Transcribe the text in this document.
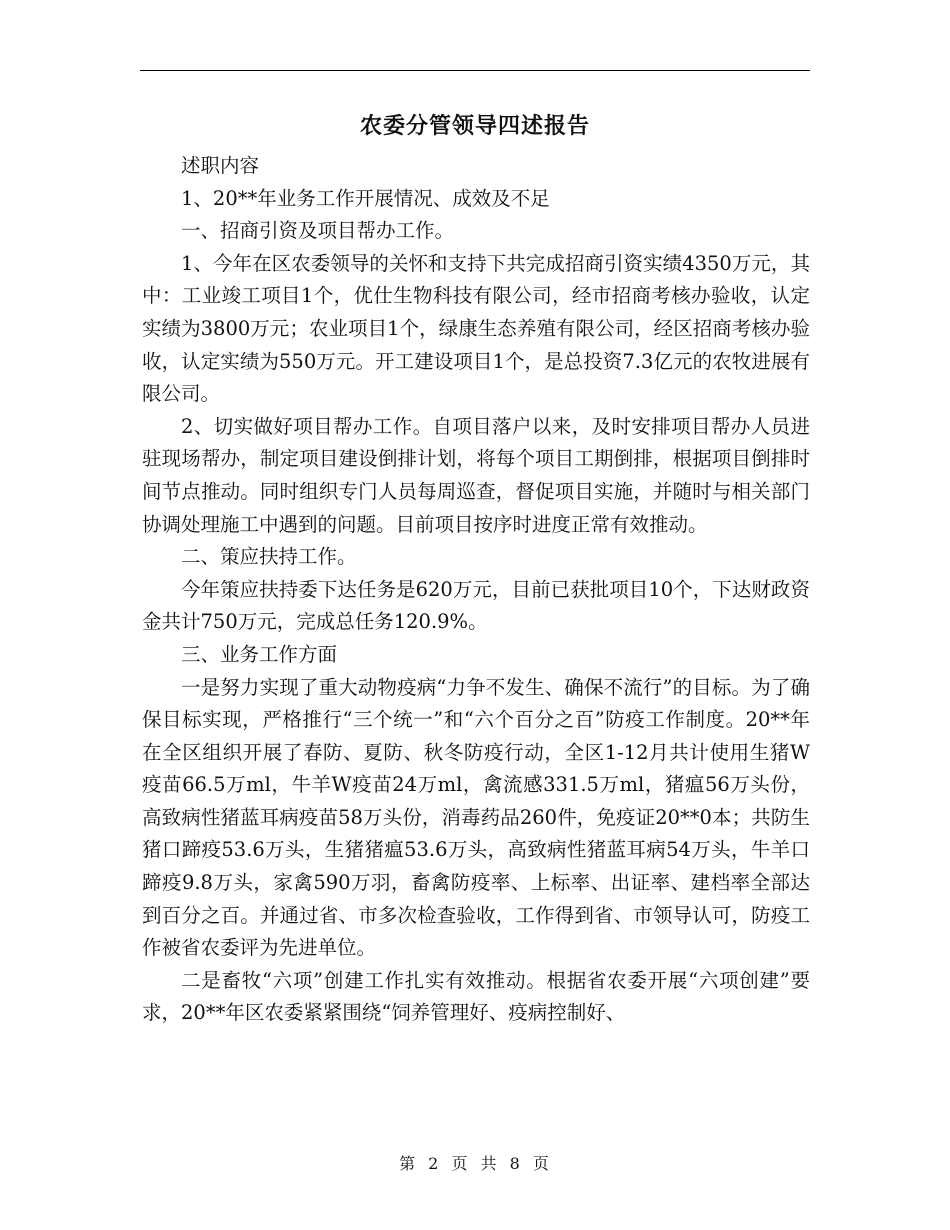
农委分管领导四述报告

述职内容

1、20**年业务工作开展情况、成效及不足

一、招商引资及项目帮办工作。

1、今年在区农委领导的关怀和支持下共完成招商引资实绩4350万元，其中：工业竣工项目1个，优仕生物科技有限公司，经市招商考核办验收，认定实绩为3800万元；农业项目1个，绿康生态养殖有限公司，经区招商考核办验收，认定实绩为550万元。开工建设项目1个，是总投资7.3亿元的农牧进展有限公司。

2、切实做好项目帮办工作。自项目落户以来，及时安排项目帮办人员进驻现场帮办，制定项目建设倒排计划，将每个项目工期倒排，根据项目倒排时间节点推动。同时组织专门人员每周巡查，督促项目实施，并随时与相关部门协调处理施工中遇到的问题。目前项目按序时进度正常有效推动。

二、策应扶持工作。

今年策应扶持委下达任务是620万元，目前已获批项目10个，下达财政资金共计750万元，完成总任务120.9%。

三、业务工作方面

一是努力实现了重大动物疫病“力争不发生、确保不流行”的目标。为了确保目标实现，严格推行“三个统一”和“六个百分之百”防疫工作制度。20**年在全区组织开展了春防、夏防、秋冬防疫行动，全区1-12月共计使用生猪W疫苗66.5万ml，牛羊W疫苗24万ml，禽流感331.5万ml，猪瘟56万头份，高致病性猪蓝耳病疫苗58万头份，消毒药品260件，免疫证20**0本；共防生猪口蹄疫53.6万头，生猪猪瘟53.6万头，高致病性猪蓝耳病54万头，牛羊口蹄疫9.8万头，家禽590万羽，畜禽防疫率、上标率、出证率、建档率全部达到百分之百。并通过省、市多次检查验收，工作得到省、市领导认可，防疫工作被省农委评为先进单位。

二是畜牧“六项”创建工作扎实有效推动。根据省农委开展“六项创建”要求，20**年区农委紧紧围绕“饲养管理好、疫病控制好、

第 2 页 共 8 页
